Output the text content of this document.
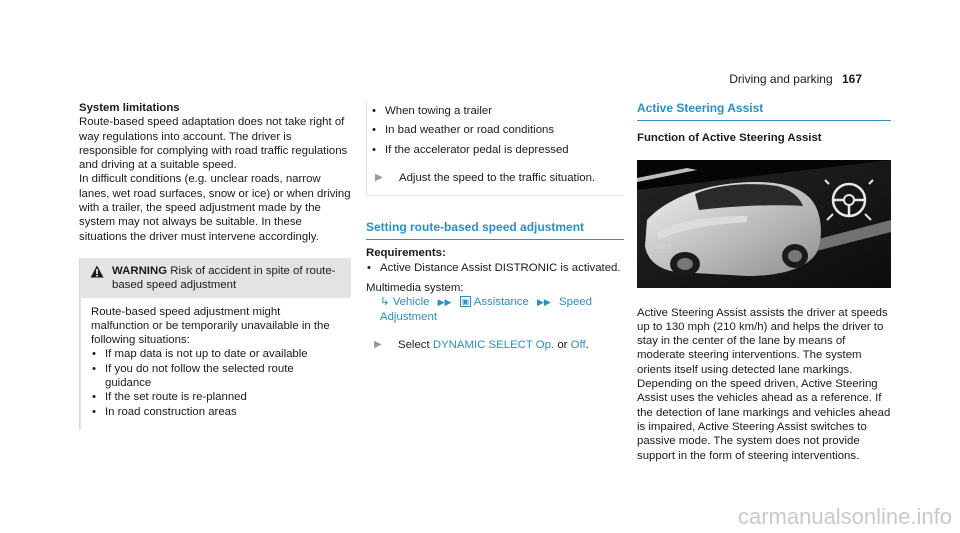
Driving and parking 167

System limitations

Route-based speed adaptation does not take right of way regulations into account. The driver is responsible for complying with road traffic regulations and driving at a suitable speed.

In difficult conditions (e.g. unclear roads, narrow lanes, wet road surfaces, snow or ice) or when driving with a trailer, the speed adjustment made by the system may not always be suitable. In these situations the driver must intervene accordingly.

WARNING Risk of accident in spite of route-based speed adjustment

Route-based speed adjustment might malfunction or be temporarily unavailable in the following situations:

• If map data is not up to date or available
• If you do not follow the selected route guidance
• If the set route is re-planned
• In road construction areas
• When towing a trailer
• In bad weather or road conditions
• If the accelerator pedal is depressed
▶	Adjust the speed to the traffic situation.

Setting route-based speed adjustment

Requirements:

• Active Distance Assist DISTRONIC is activated.

Multimedia system:

↳ Vehicle ▶▶ ▣ Assistance ▶▶ Speed Adjustment

▶	Select DYNAMIC SELECT Op. or Off.

Active Steering Assist

Function of Active Steering Assist

Active Steering Assist assists the driver at speeds up to 130 mph (210 km/h) and helps the driver to stay in the center of the lane by means of moderate steering interventions. The system orients itself using detected lane markings. Depending on the speed driven, Active Steering Assist uses the vehicles ahead as a reference. If the detection of lane markings and vehicles ahead is impaired, Active Steering Assist switches to passive mode. The system does not provide support in the form of steering interventions.

carmanualsonline.info
